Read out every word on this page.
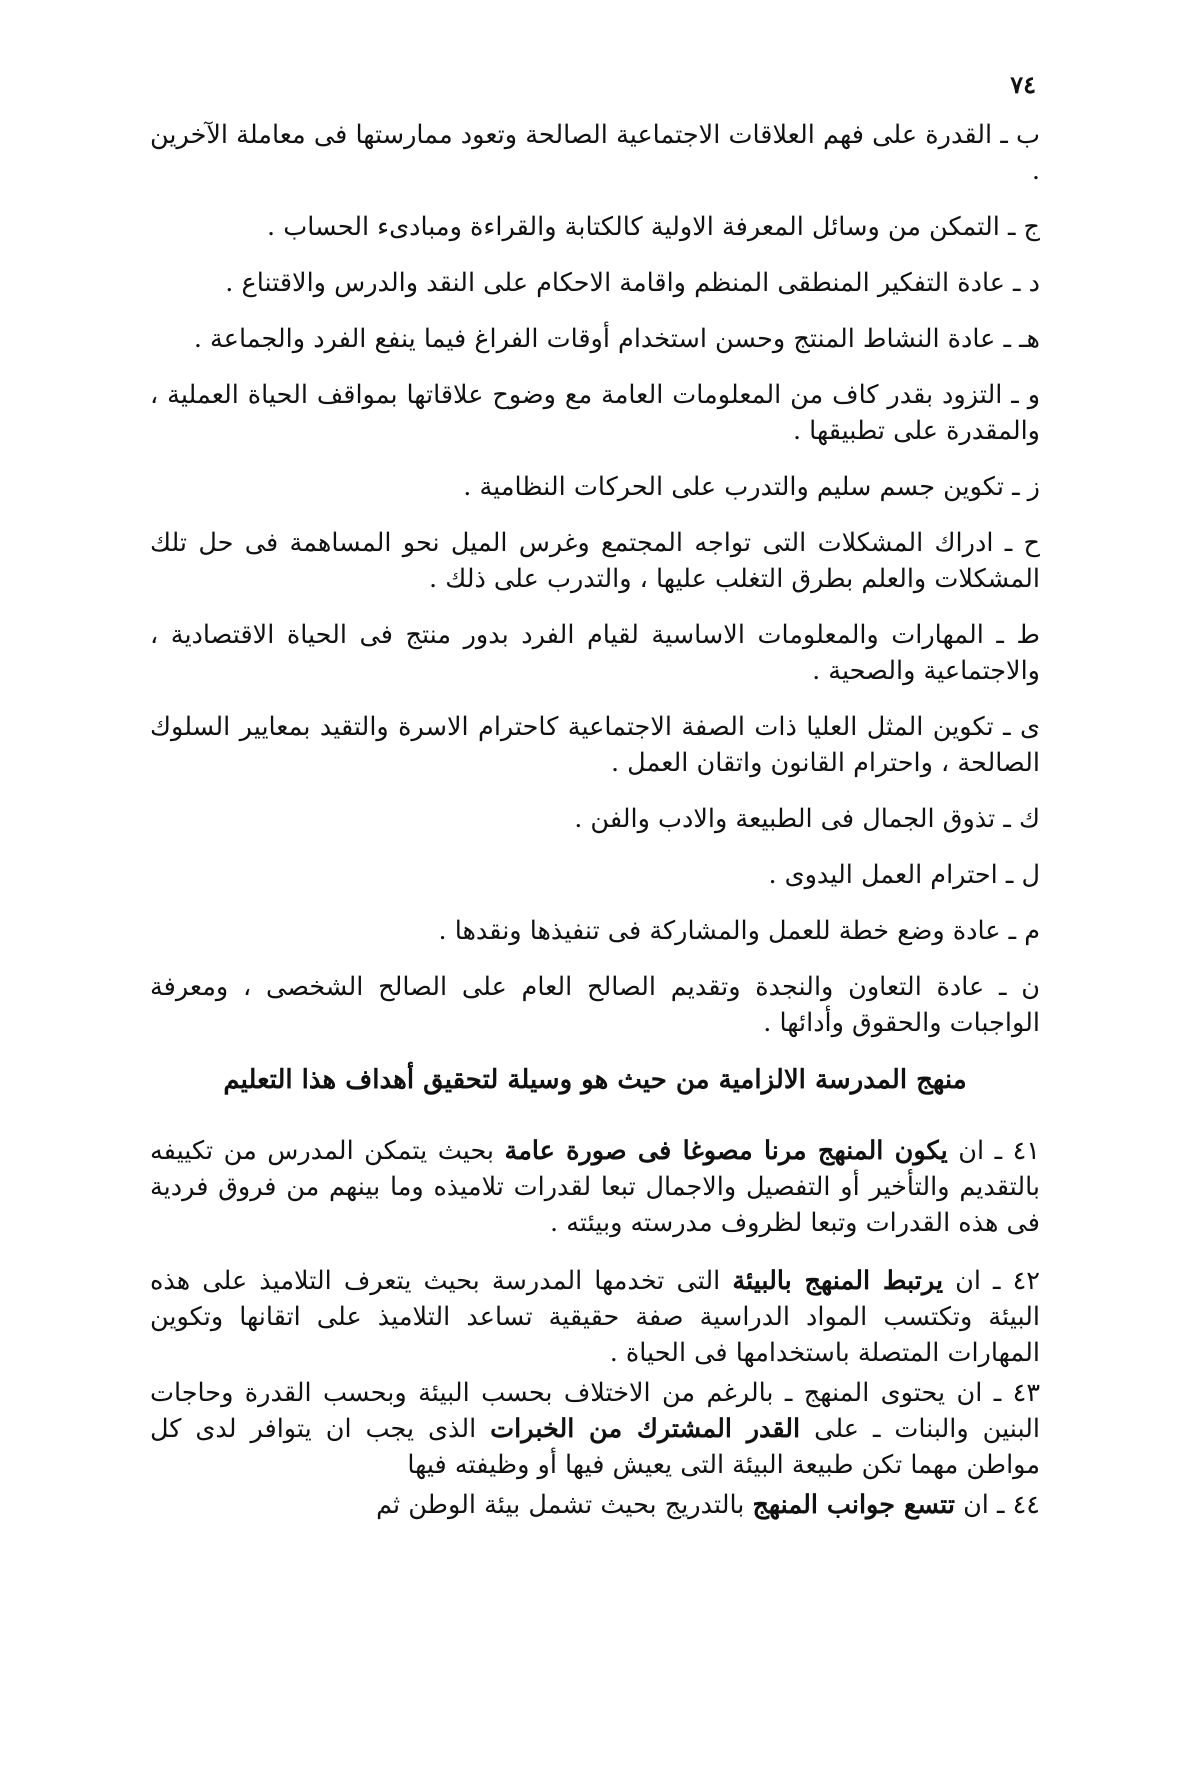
٧٤
ب ـ القدرة على فهم العلاقات الاجتماعية الصالحة وتعود ممارستها فى معاملة الآخرين .
ج ـ التمكن من وسائل المعرفة الاولية كالكتابة والقراءة ومبادىء الحساب .
د ـ عادة التفكير المنطقى المنظم واقامة الاحكام على النقد والدرس والاقتناع .
هـ ـ عادة النشاط المنتج وحسن استخدام أوقات الفراغ فيما ينفع الفرد والجماعة .
و ـ التزود بقدر كاف من المعلومات العامة مع وضوح علاقاتها بمواقف الحياة العملية ، والمقدرة على تطبيقها .
ز ـ تكوين جسم سليم والتدرب على الحركات النظامية .
ح ـ ادراك المشكلات التى تواجه المجتمع وغرس الميل نحو المساهمة فى حل تلك المشكلات والعلم بطرق التغلب عليها ، والتدرب على ذلك .
ط ـ المهارات والمعلومات الاساسية لقيام الفرد بدور منتج فى الحياة الاقتصادية ، والاجتماعية والصحية .
ى ـ تكوين المثل العليا ذات الصفة الاجتماعية كاحترام الاسرة والتقيد بمعايير السلوك الصالحة ، واحترام القانون واتقان العمل .
ك ـ تذوق الجمال فى الطبيعة والادب والفن .
ل ـ احترام العمل اليدوى .
م ـ عادة وضع خطة للعمل والمشاركة فى تنفيذها ونقدها .
ن ـ عادة التعاون والنجدة وتقديم الصالح العام على الصالح الشخصى ، ومعرفة الواجبات والحقوق وأدائها .
منهج المدرسة الالزامية من حيث هو وسيلة لتحقيق أهداف هذا التعليم
٤١ ـ ان يكون المنهج مرنا مصوغا فى صورة عامة بحيث يتمكن المدرس من تكييفه بالتقديم والتأخير أو التفصيل والاجمال تبعا لقدرات تلاميذه وما بينهم من فروق فردية فى هذه القدرات وتبعا لظروف مدرسته وبيئته .
٤٢ ـ ان يرتبط المنهج بالبيئة التى تخدمها المدرسة بحيث يتعرف التلاميذ على هذه البيئة وتكتسب المواد الدراسية صفة حقيقية تساعد التلاميذ على اتقانها وتكوين المهارات المتصلة باستخدامها فى الحياة .
٤٣ ـ ان يحتوى المنهج ـ بالرغم من الاختلاف بحسب البيئة وبحسب القدرة وحاجات البنين والبنات ـ على القدر المشترك من الخبرات الذى يجب ان يتوافر لدى كل مواطن مهما تكن طبيعة البيئة التى يعيش فيها أو وظيفته فيها
٤٤ ـ ان تتسع جوانب المنهج بالتدريج بحيث تشمل بيئة الوطن ثم
